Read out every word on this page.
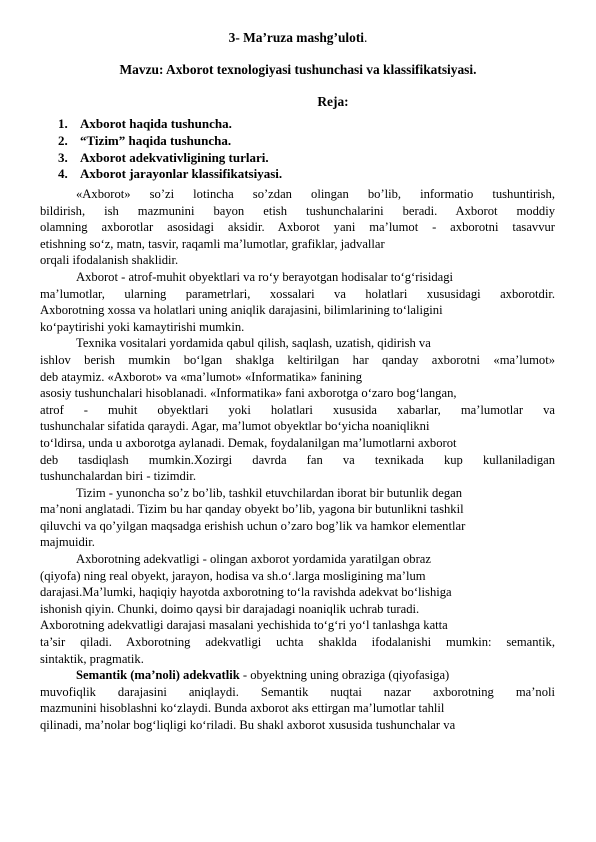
3- Ma’ruza mashg’uloti.
Mavzu: Axborot texnologiyasi tushunchasi va klassifikatsiyasi.
Reja:
1. Axborot haqida tushuncha.
2. “Tizim” haqida tushuncha.
3. Axborot adekvativligining turlari.
4. Axborot jarayonlar klassifikatsiyasi.
«Axborot» so’zi lotincha so’zdan olingan bo’lib, informatio tushuntirish,
bildirish, ish mazmunini bayon etish tushunchalarini beradi. Axborot moddiy
olamning axborotlar asosidagi aksidir. Axborot yani ma’lumot - axborotni tasavvur
etishning so‘z, matn, tasvir, raqamli ma’lumotlar, grafiklar, jadvallar
orqali ifodalanish shaklidir.
Axborot - atrof-muhit obyektlari va ro‘y berayotgan hodisalar to‘g‘risidagi
ma’lumotlar, ularning parametrlari, xossalari va holatlari xususidagi axborotdir.
Axborotning xossa va holatlari uning aniqlik darajasini, bilimlarining to‘laligini
ko‘paytirishi yoki kamaytirishi mumkin.
Texnika vositalari yordamida qabul qilish, saqlash, uzatish, qidirish va
ishlov berish mumkin bo‘lgan shaklga keltirilgan har qanday axborotni «ma’lumot»
deb ataymiz. «Axborot» va «ma’lumot» «Informatika» fanining
asosiy tushunchalari hisoblanadi. «Informatika» fani axborotga o‘zaro bog‘langan,
atrof - muhit obyektlari yoki holatlari xususida xabarlar, ma’lumotlar va
tushunchalar sifatida qaraydi. Agar, ma’lumot obyektlar bo‘yicha noaniqlikni
to‘ldirsa, unda u axborotga aylanadi. Demak, foydalanilgan ma’lumotlarni axborot
deb tasdiqlash mumkin.Xozirgi davrda fan va texnikada kup kullaniladigan
tushunchalardan biri - tizimdir.
Tizim - yunoncha so’z bo’lib, tashkil etuvchilardan iborat bir butunlik degan
ma’noni anglatadi. Tizim bu har qanday obyekt bo’lib, yagona bir butunlikni tashkil
qiluvchi va qo’yilgan maqsadga erishish uchun o’zaro bog’lik va hamkor elementlar
majmuidir.
Axborotning adekvatligi - olingan axborot yordamida yaratilgan obraz
(qiyofa) ning real obyekt, jarayon, hodisa va sh.o‘.larga mosligining ma’lum
darajasi.Ma’lumki, haqiqiy hayotda axborotning to‘la ravishda adekvat bo‘lishiga
ishonish qiyin. Chunki, doimo qaysi bir darajadagi noaniqlik uchrab turadi.
Axborotning adekvatligi darajasi masalani yechishida to‘g‘ri yo‘l tanlashga katta
ta’sir qiladi. Axborotning adekvatligi uchta shaklda ifodalanishi mumkin: semantik,
sintaktik, pragmatik.
Semantik (ma’noli) adekvatlik - obyektning uning obraziga (qiyofasiga)
muvofiqlik darajasini aniqlaydi. Semantik nuqtai nazar axborotning ma’noli
mazmunini hisoblashni ko‘zlaydi. Bunda axborot aks ettirgan ma’lumotlar tahlil
qilinadi, ma’nolar bog‘liqligi ko‘riladi. Bu shakl axborot xususida tushunchalar va
